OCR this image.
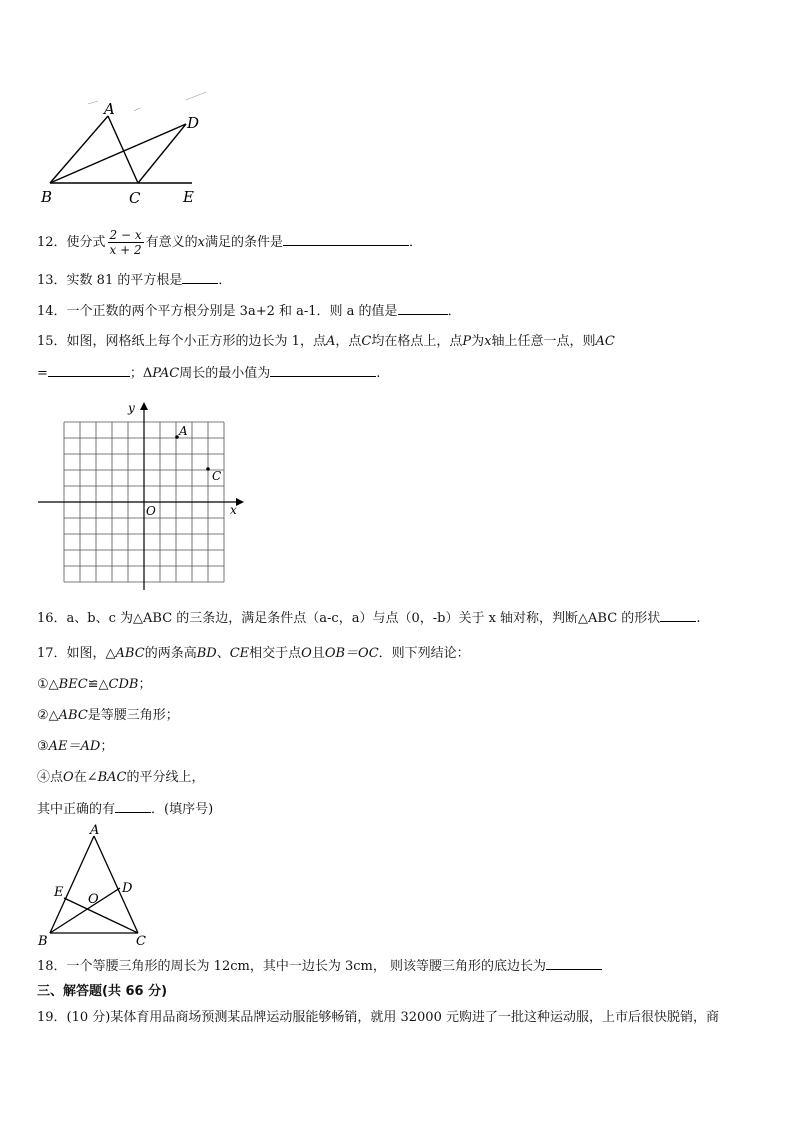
A
B	C
D
E
12．使分式 $\frac{2 - x}{x + 2}$ 有意义的x满足的条件是	．
13．实数 81 的平方根是	．
14．一个正数的两个平方根分别是 3a+2 和 a-1．则 a 的值是	．
15．如图，网格纸上每个小正方形的边长为 1，点A，点C均在格点上，点P为x轴上任意一点，则AC
=	；ΔPAC周长的最小值为	.
y
x
O
A
C
16．a、b、c 为△ABC 的三条边，满足条件点（a-c，a）与点（0，-b）关于 x 轴对称，判断△ABC 的形状	.
17．如图，△ABC的两条高BD、CE相交于点O且OB＝OC．则下列结论：
①△BEC≌△CDB；
②△ABC是等腰三角形；
③AE＝AD；
④点O在∠BAC的平分线上，
其中正确的有	．(填序号)
A
B	C
D
E O
18．一个等腰三角形的周长为 12cm，其中一边长为 3cm， 则该等腰三角形的底边长为
三、解答题(共 66 分)
19．(10 分)某体育用品商场预测某品牌运动服能够畅销，就用 32000 元购进了一批这种运动服，上市后很快脱销，商
